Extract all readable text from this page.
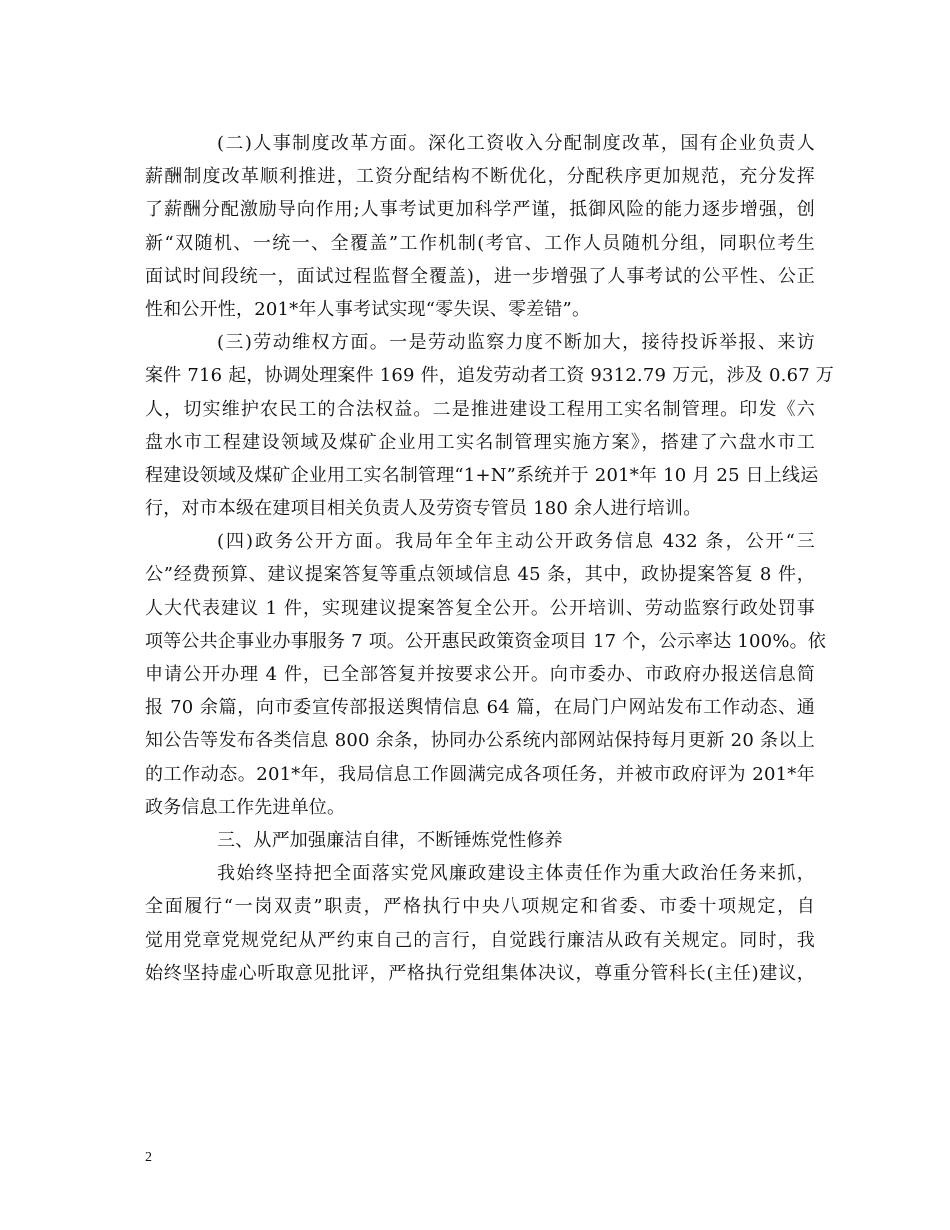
(二)人事制度改革方面。深化工资收入分配制度改革，国有企业负责人
薪酬制度改革顺利推进，工资分配结构不断优化，分配秩序更加规范，充分发挥
了薪酬分配激励导向作用;人事考试更加科学严谨，抵御风险的能力逐步增强，创
新“双随机、一统一、全覆盖”工作机制(考官、工作人员随机分组，同职位考生
面试时间段统一，面试过程监督全覆盖)，进一步增强了人事考试的公平性、公正
性和公开性，201*年人事考试实现“零失误、零差错”。
(三)劳动维权方面。一是劳动监察力度不断加大，接待投诉举报、来访
案件 716 起，协调处理案件 169 件，追发劳动者工资 9312.79 万元，涉及 0.67 万
人，切实维护农民工的合法权益。二是推进建设工程用工实名制管理。印发《六
盘水市工程建设领域及煤矿企业用工实名制管理实施方案》，搭建了六盘水市工
程建设领域及煤矿企业用工实名制管理“1+N”系统并于 201*年 10 月 25 日上线运
行，对市本级在建项目相关负责人及劳资专管员 180 余人进行培训。
(四)政务公开方面。我局年全年主动公开政务信息 432 条，公开“三
公”经费预算、建议提案答复等重点领域信息 45 条，其中，政协提案答复 8 件，
人大代表建议 1 件，实现建议提案答复全公开。公开培训、劳动监察行政处罚事
项等公共企事业办事服务 7 项。公开惠民政策资金项目 17 个，公示率达 100%。依
申请公开办理 4 件，已全部答复并按要求公开。向市委办、市政府办报送信息简
报 70 余篇，向市委宣传部报送舆情信息 64 篇，在局门户网站发布工作动态、通
知公告等发布各类信息 800 余条，协同办公系统内部网站保持每月更新 20 条以上
的工作动态。201*年，我局信息工作圆满完成各项任务，并被市政府评为 201*年
政务信息工作先进单位。
三、从严加强廉洁自律，不断锤炼党性修养
我始终坚持把全面落实党风廉政建设主体责任作为重大政治任务来抓，
全面履行“一岗双责”职责，严格执行中央八项规定和省委、市委十项规定，自
觉用党章党规党纪从严约束自己的言行，自觉践行廉洁从政有关规定。同时，我
始终坚持虚心听取意见批评，严格执行党组集体决议，尊重分管科长(主任)建议，
2
